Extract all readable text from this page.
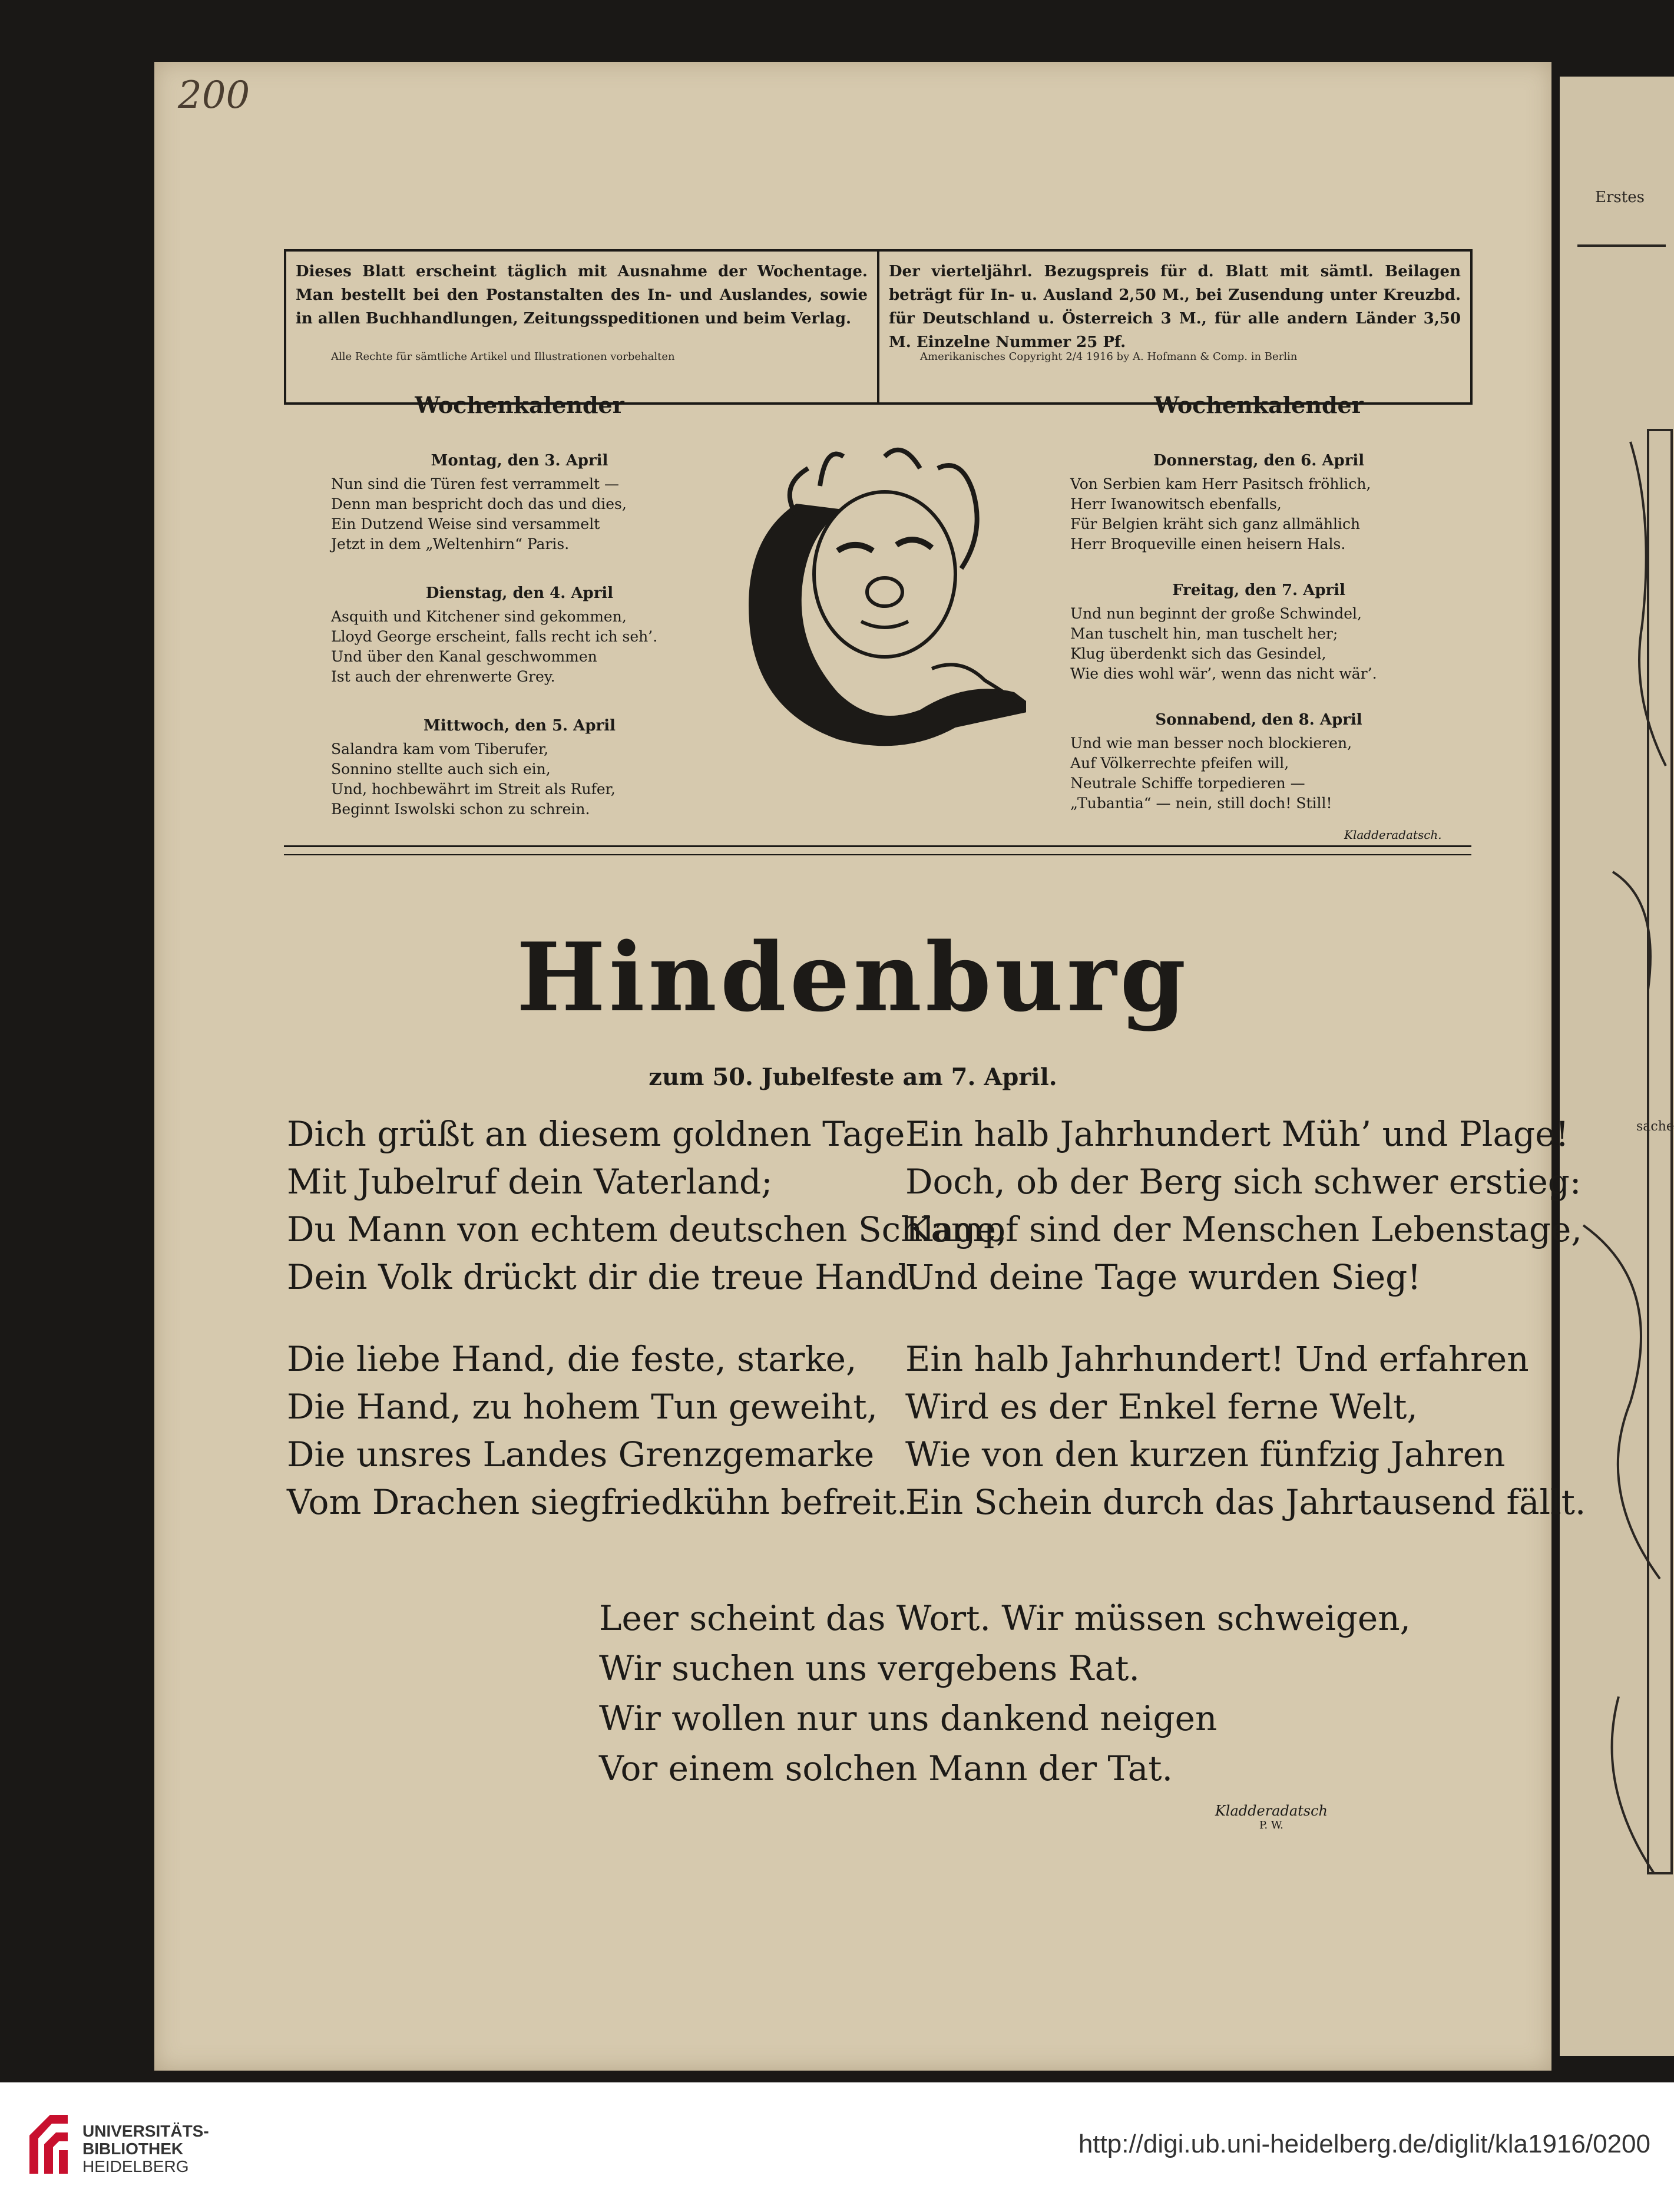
Erstes
sache
200
Dieses Blatt erscheint täglich mit Ausnahme der Wochentage. Man bestellt bei den Postanstalten des In- und Auslandes, sowie in allen Buchhandlungen, Zeitungsspeditionen und beim Verlag.
Der vierteljährl. Bezugspreis für d. Blatt mit sämtl. Beilagen beträgt für In- u. Ausland 2,50 M., bei Zusendung unter Kreuzbd. für Deutschland u. Österreich 3 M., für alle andern Länder 3,50 M. Einzelne Nummer 25 Pf.
Alle Rechte für sämtliche Artikel und Illustrationen vorbehalten	Amerikanisches Copyright 2/4 1916 by A. Hofmann & Comp. in Berlin
Wochenkalender	Wochenkalender
Montag, den 3. April
Nun sind die Türen fest verrammelt —
Denn man bespricht doch das und dies,
Ein Dutzend Weise sind versammelt
Jetzt in dem „Weltenhirn“ Paris.
Dienstag, den 4. April
Asquith und Kitchener sind gekommen,
Lloyd George erscheint, falls recht ich seh’.
Und über den Kanal geschwommen
Ist auch der ehrenwerte Grey.
Mittwoch, den 5. April
Salandra kam vom Tiberufer,
Sonnino stellte auch sich ein,
Und, hochbewährt im Streit als Rufer,
Beginnt Iswolski schon zu schrein.
Donnerstag, den 6. April
Von Serbien kam Herr Pasitsch fröhlich,
Herr Iwanowitsch ebenfalls,
Für Belgien kräht sich ganz allmählich
Herr Broqueville einen heisern Hals.
Freitag, den 7. April
Und nun beginnt der große Schwindel,
Man tuschelt hin, man tuschelt her;
Klug überdenkt sich das Gesindel,
Wie dies wohl wär’, wenn das nicht wär’.
Sonnabend, den 8. April
Und wie man besser noch blockieren,
Auf Völkerrechte pfeifen will,
Neutrale Schiffe torpedieren —
„Tubantia“ — nein, still doch! Still!
Kladderadatsch.
Hindenburg
zum 50. Jubelfeste am 7. April.
Dich grüßt an diesem goldnen Tage
Mit Jubelruf dein Vaterland;
Du Mann von echtem deutschen Schlage,
Dein Volk drückt dir die treue Hand.
Die liebe Hand, die feste, starke,
Die Hand, zu hohem Tun geweiht,
Die unsres Landes Grenzgemarke
Vom Drachen siegfriedkühn befreit.
Ein halb Jahrhundert Müh’ und Plage!
Doch, ob der Berg sich schwer erstieg:
Kampf sind der Menschen Lebenstage,
Und deine Tage wurden Sieg!
Ein halb Jahrhundert! Und erfahren
Wird es der Enkel ferne Welt,
Wie von den kurzen fünfzig Jahren
Ein Schein durch das Jahrtausend fällt.
Leer scheint das Wort. Wir müssen schweigen,
Wir suchen uns vergebens Rat.
Wir wollen nur uns dankend neigen
Vor einem solchen Mann der Tat.
Kladderadatsch
P. W.
UNIVERSITÄTS-
BIBLIOTHEK
HEIDELBERG
http://digi.ub.uni-heidelberg.de/diglit/kla1916/0200
